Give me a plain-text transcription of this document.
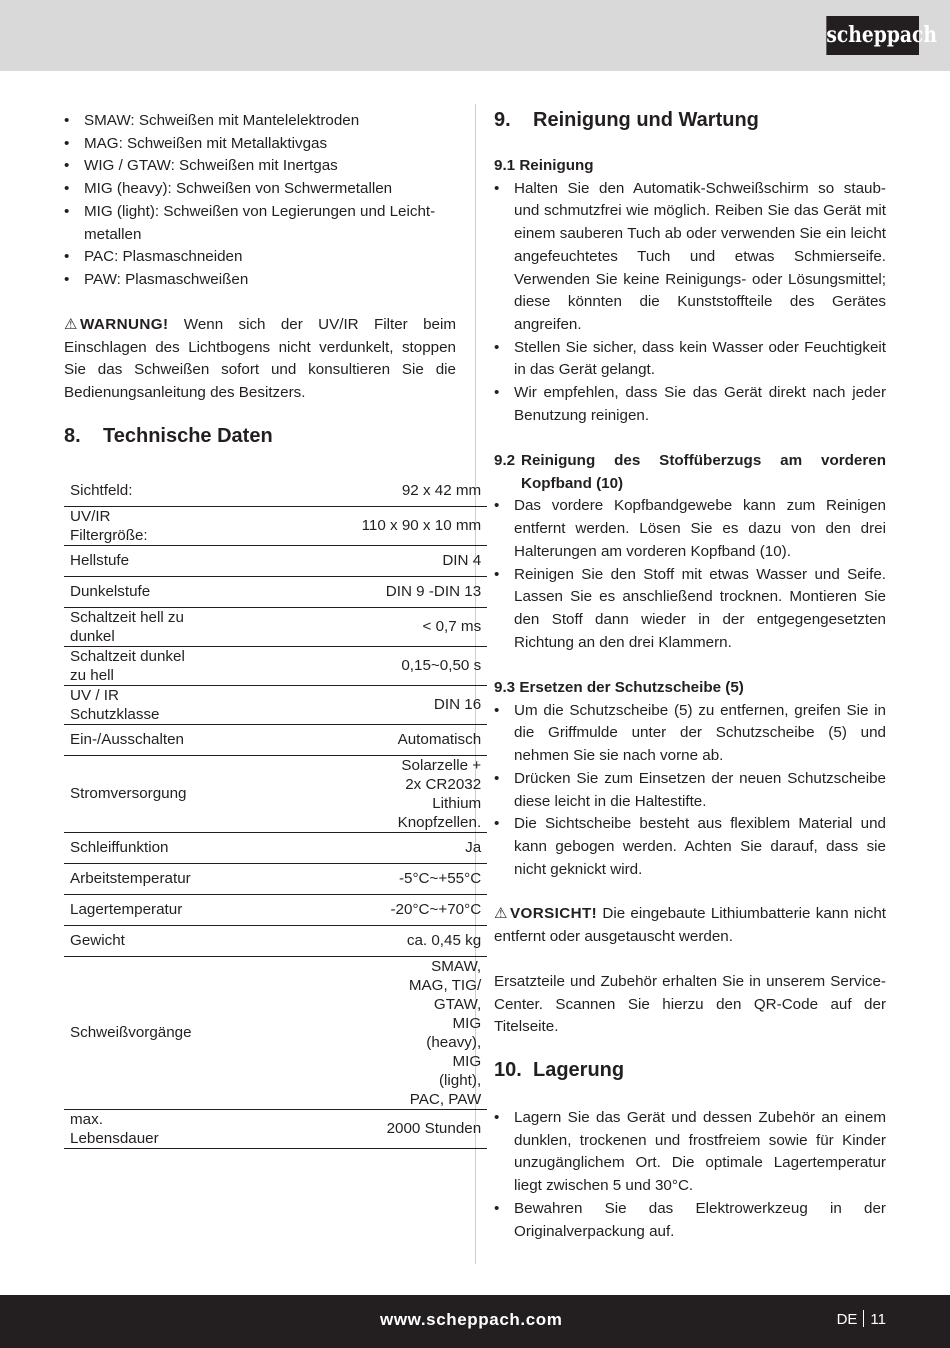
scheppach
• SMAW: Schweißen mit Mantelelektroden
• MAG: Schweißen mit Metallaktivgas
• WIG / GTAW: Schweißen mit Inertgas
• MIG (heavy): Schweißen von Schwermetallen
• MIG (light): Schweißen von Legierungen und Leicht-metallen
• PAC: Plasmaschneiden
• PAW: Plasmaschweißen

⚠ WARNUNG! Wenn sich der UV/IR Filter beim Einschlagen des Lichtbogens nicht verdunkelt, stoppen Sie das Schweißen sofort und konsultieren Sie die Bedienungsanleitung des Besitzers.

8. Technische Daten
Sichtfeld:	92 x 42 mm
UV/IR Filtergröße:	110 x 90 x 10 mm
Hellstufe	DIN 4
Dunkelstufe	DIN 9 -DIN 13
Schaltzeit hell zu dunkel	< 0,7 ms
Schaltzeit dunkel zu hell	0,15~0,50 s
UV / IR Schutzklasse	DIN 16
Ein-/Ausschalten	Automatisch
Stromversorgung	Solarzelle + 2x CR2032 Lithium Knopfzellen.
Schleiffunktion	Ja
Arbeitstemperatur	-5°C~+55°C
Lagertemperatur	-20°C~+70°C
Gewicht	ca. 0,45 kg
Schweißvorgänge	SMAW, MAG, TIG/ GTAW, MIG (heavy), MIG (light), PAC, PAW
max. Lebensdauer	2000 Stunden
9. Reinigung und Wartung
9.1 Reinigung
• Halten Sie den Automatik-Schweißschirm so staub- und schmutzfrei wie möglich. Reiben Sie das Gerät mit einem sauberen Tuch ab oder verwenden Sie ein leicht angefeuchtetes Tuch und etwas Schmierseife. Verwenden Sie keine Reinigungs- oder Lösungsmittel; diese könnten die Kunststoffteile des Gerätes angreifen.
• Stellen Sie sicher, dass kein Wasser oder Feuchtigkeit in das Gerät gelangt.
• Wir empfehlen, dass Sie das Gerät direkt nach jeder Benutzung reinigen.
9.2 Reinigung des Stoffüberzugs am vorderen Kopfband (10)
• Das vordere Kopfbandgewebe kann zum Reinigen entfernt werden. Lösen Sie es dazu von den drei Halterungen am vorderen Kopfband (10).
• Reinigen Sie den Stoff mit etwas Wasser und Seife. Lassen Sie es anschließend trocknen. Montieren Sie den Stoff dann wieder in der entgegengesetzten Richtung an den drei Klammern.
9.3 Ersetzen der Schutzscheibe (5)
• Um die Schutzscheibe (5) zu entfernen, greifen Sie in die Griffmulde unter der Schutzscheibe (5) und nehmen Sie sie nach vorne ab.
• Drücken Sie zum Einsetzen der neuen Schutzscheibe diese leicht in die Haltestifte.
• Die Sichtscheibe besteht aus flexiblem Material und kann gebogen werden. Achten Sie darauf, dass sie nicht geknickt wird.

⚠ VORSICHT! Die eingebaute Lithiumbatterie kann nicht entfernt oder ausgetauscht werden.

Ersatzteile und Zubehör erhalten Sie in unserem Service-Center. Scannen Sie hierzu den QR-Code auf der Titelseite.

10. Lagerung
• Lagern Sie das Gerät und dessen Zubehör an einem dunklen, trockenen und frostfreiem sowie für Kinder unzugänglichem Ort. Die optimale Lagertemperatur liegt zwischen 5 und 30°C.
• Bewahren Sie das Elektrowerkzeug in der Originalverpackung auf.
www.scheppach.com	DE 11
